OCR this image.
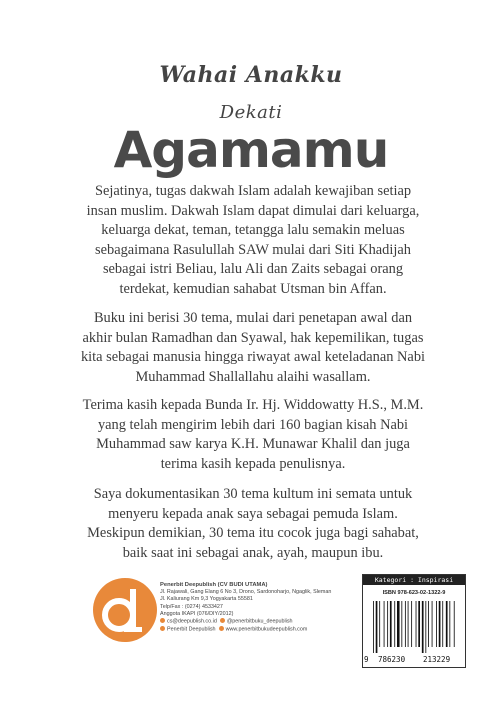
Wahai Anakku
Dekati
Agamamu
Sejatinya, tugas dakwah Islam adalah kewajiban setiap insan muslim. Dakwah Islam dapat dimulai dari keluarga, keluarga dekat, teman, tetangga lalu semakin meluas sebagaimana Rasulullah SAW mulai dari Siti Khadijah sebagai istri Beliau, lalu Ali dan Zaits sebagai orang terdekat, kemudian sahabat Utsman bin Affan.
Buku ini berisi 30 tema, mulai dari penetapan awal dan akhir bulan Ramadhan dan Syawal, hak kepemilikan, tugas kita sebagai manusia hingga riwayat awal keteladanan Nabi Muhammad Shallallahu alaihi wasallam.
Terima kasih kepada Bunda Ir. Hj. Widdowatty H.S., M.M. yang telah mengirim lebih dari 160 bagian kisah Nabi Muhammad saw karya K.H. Munawar Khalil dan juga terima kasih kepada penulisnya.
Saya dokumentasikan 30 tema kultum ini semata untuk menyeru kepada anak saya sebagai pemuda Islam. Meskipun demikian, 30 tema itu cocok juga bagi sahabat, baik saat ini sebagai anak, ayah, maupun ibu.
Penerbit Deepublish (CV BUDI UTAMA)
Jl. Rajawali, Gang Elang 6 No 3, Drono, Sardonoharjo, Ngaglik, Sleman
Jl. Kaliurang Km 9,3 Yogyakarta 55581
Telp/Fax : (0274) 4533427
Anggota IKAPI (076/DIY/2012)
cs@deepublish.co.id @penerbitbuku_deepublish
Penerbit Deepublish www.penerbitbukudeepublish.com
Kategori : Inspirasi
ISBN 978-623-02-1322-9
9 786230 213229
